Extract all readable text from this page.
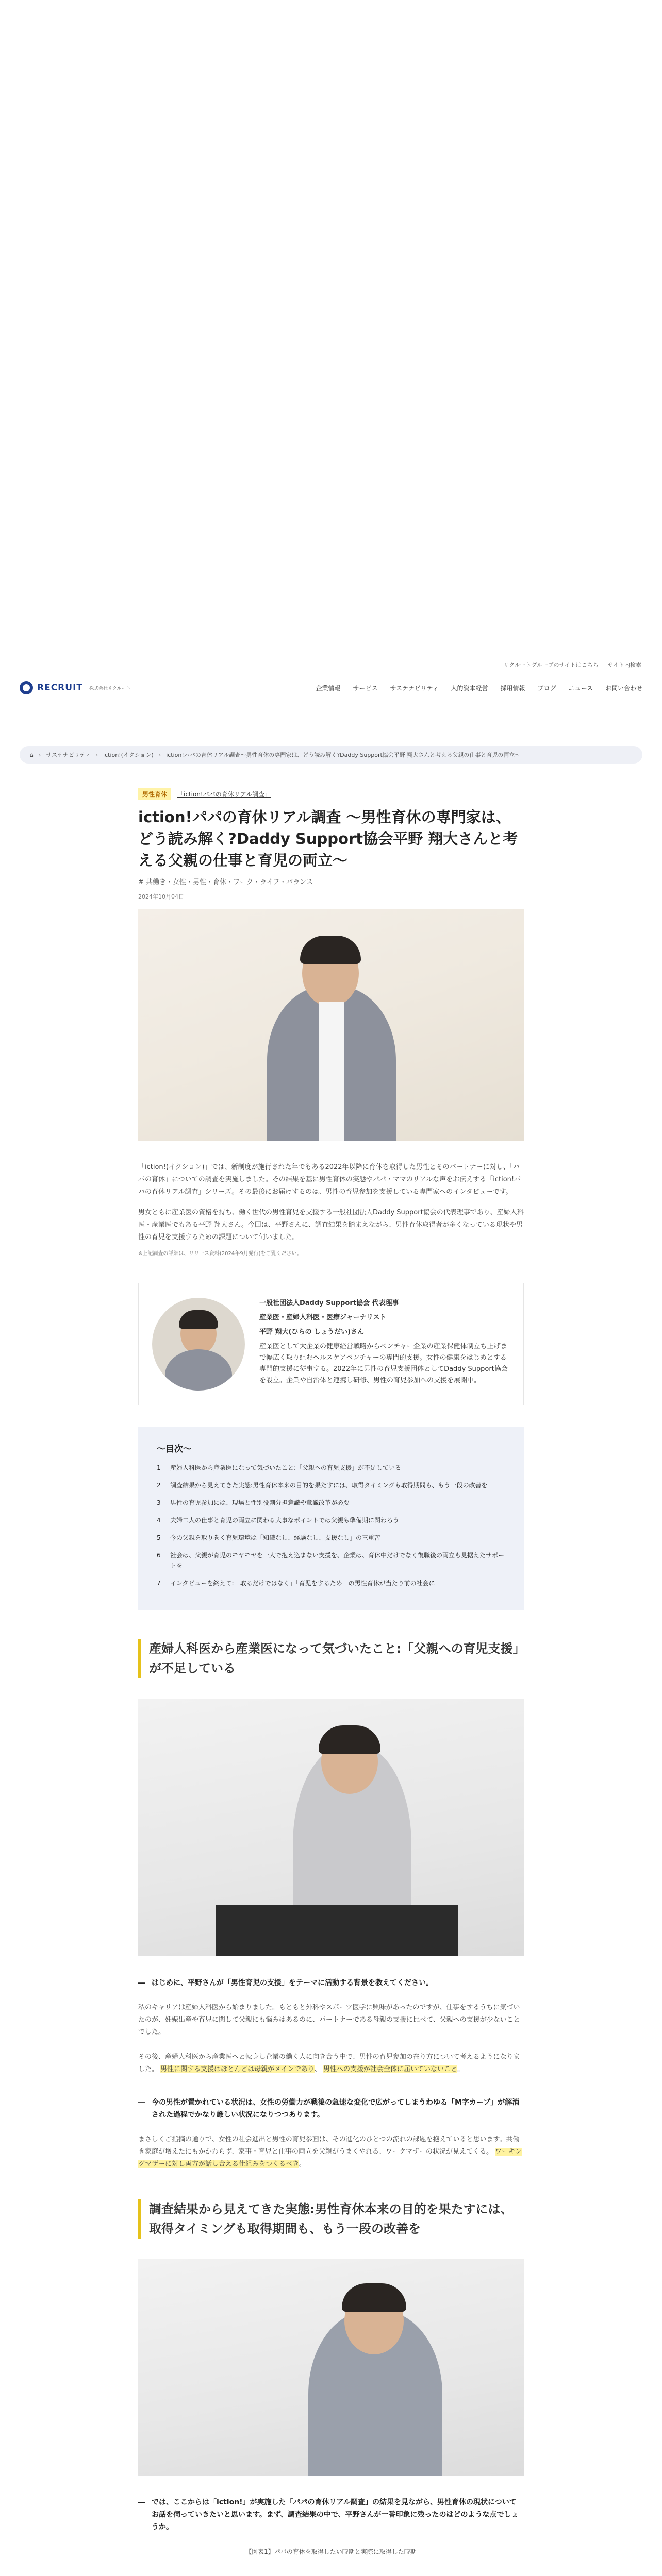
リクルートグループのサイトはこちら サイト内検索
RECRUIT 株式会社リクルート	企業情報 サービス サステナビリティ 人的資本経営 採用情報 ブログ ニュース お問い合わせ
⌂ › サステナビリティ › iction!(イクション) › iction!パパの育休リアル調査～男性育休の専門家は、どう読み解く?Daddy Support協会平野 翔大さんと考える父親の仕事と育児の両立～
男性育休	「iction!パパの育休リアル調査」
iction!パパの育休リアル調査 ～男性育休の専門家は、どう読み解く?Daddy Support協会平野 翔大さんと考える父親の仕事と育児の両立～
# 共働き・女性・男性・育休・ワーク・ライフ・バランス
2024年10月04日

「iction!(イクション)」では、新制度が施行された年でもある2022年以降に育休を取得した男性とそのパートナーに対し、「パパの育休」についての調査を実施しました。その結果を基に男性育休の実態やパパ・ママのリアルな声をお伝えする「iction!パパの育休リアル調査」シリーズ。その最後にお届けするのは、男性の育児参加を支援している専門家へのインタビューです。

男女ともに産業医の資格を持ち、働く世代の男性育児を支援する一般社団法人Daddy Support協会の代表理事であり、産婦人科医・産業医でもある平野 翔大さん。今回は、平野さんに、調査結果を踏まえながら、男性育休取得者が多くなっている現状や男性の育児を支援するための課題について伺いました。

※上記調査の詳細は、リリース資料(2024年9月発行)をご覧ください。

一般社団法人Daddy Support協会 代表理事
産業医・産婦人科医・医療ジャーナリスト
平野 翔大(ひらの しょうだい)さん

産業医として大企業の健康経営戦略からベンチャー企業の産業保健体制立ち上げまで幅広く取り組むヘルスケアベンチャーの専門的支援。女性の健康をはじめとする専門的支援に従事する。2022年に男性の育児支援団体としてDaddy Support協会を設立。企業や自治体と連携し研修、男性の育児参加への支援を展開中。

〜目次〜
1	産婦人科医から産業医になって気づいたこと:「父親への育児支援」が不足している
2	調査結果から見えてきた実態:男性育休本来の目的を果たすには、取得タイミングも取得期間も、もう一段の改善を
3	男性の育児参加には、現場と性別役割分担意識や意識改革が必要
4	夫婦二人の仕事と育児の両立に関わる大事なポイントでは父親も準備期に関わろう
5	今の父親を取り巻く育児環境は「知識なし、経験なし、支援なし」の三重苦
6	社会は、父親が育児のモヤモヤを一人で抱え込まない支援を、企業は、育休中だけでなく復職後の両立も見据えたサポートを
7	インタビューを終えて:「取るだけではなく」「育児をするため」の男性育休が当たり前の社会に
産婦人科医から産業医になって気づいたこと:「父親への育児支援」が不足している
― はじめに、平野さんが「男性育児の支援」をテーマに活動する背景を教えてください。

私のキャリアは産婦人科医から始まりました。もともと外科やスポーツ医学に興味があったのですが、仕事をするうちに気づいたのが、妊娠出産や育児に関して父親にも悩みはあるのに、パートナーである母親の支援に比べて、父親への支援が少ないことでした。

その後、産婦人科医から産業医へと転身し企業の働く人に向き合う中で、男性の育児参加の在り方について考えるようになりました。 男性に関する支援はほとんどは母親がメインであり、 男性への支援が社会全体に届いていないこと。

― 今の男性が置かれている状況は、女性の労働力が戦後の急速な変化で広がってしまうわゆる「M字カーブ」が解消された過程でかなり厳しい状況になりつつあります。

まさしくご指摘の通りで、女性の社会進出と男性の育児参画は、その進化のひとつの流れの課題を抱えていると思います。共働き家庭が増えたにもかかわらず、家事・育児と仕事の両立を父親がうまくやれる、ワークマザーの状況が見えてくる。 ワーキングマザーに対し両方が話し合える仕組みをつくるべき。

調査結果から見えてきた実態:男性育休本来の目的を果たすには、取得タイミングも取得期間も、もう一段の改善を
― では、ここからは「iction!」が実施した「パパの育休リアル調査」の結果を見ながら、男性育休の現状について お話を伺っていきたいと思います。まず、調査結果の中で、平野さんが一番印象に残ったのはどのような点でしょうか。

【図表1】パパの育休を取得したい時期と実際に取得した時期
